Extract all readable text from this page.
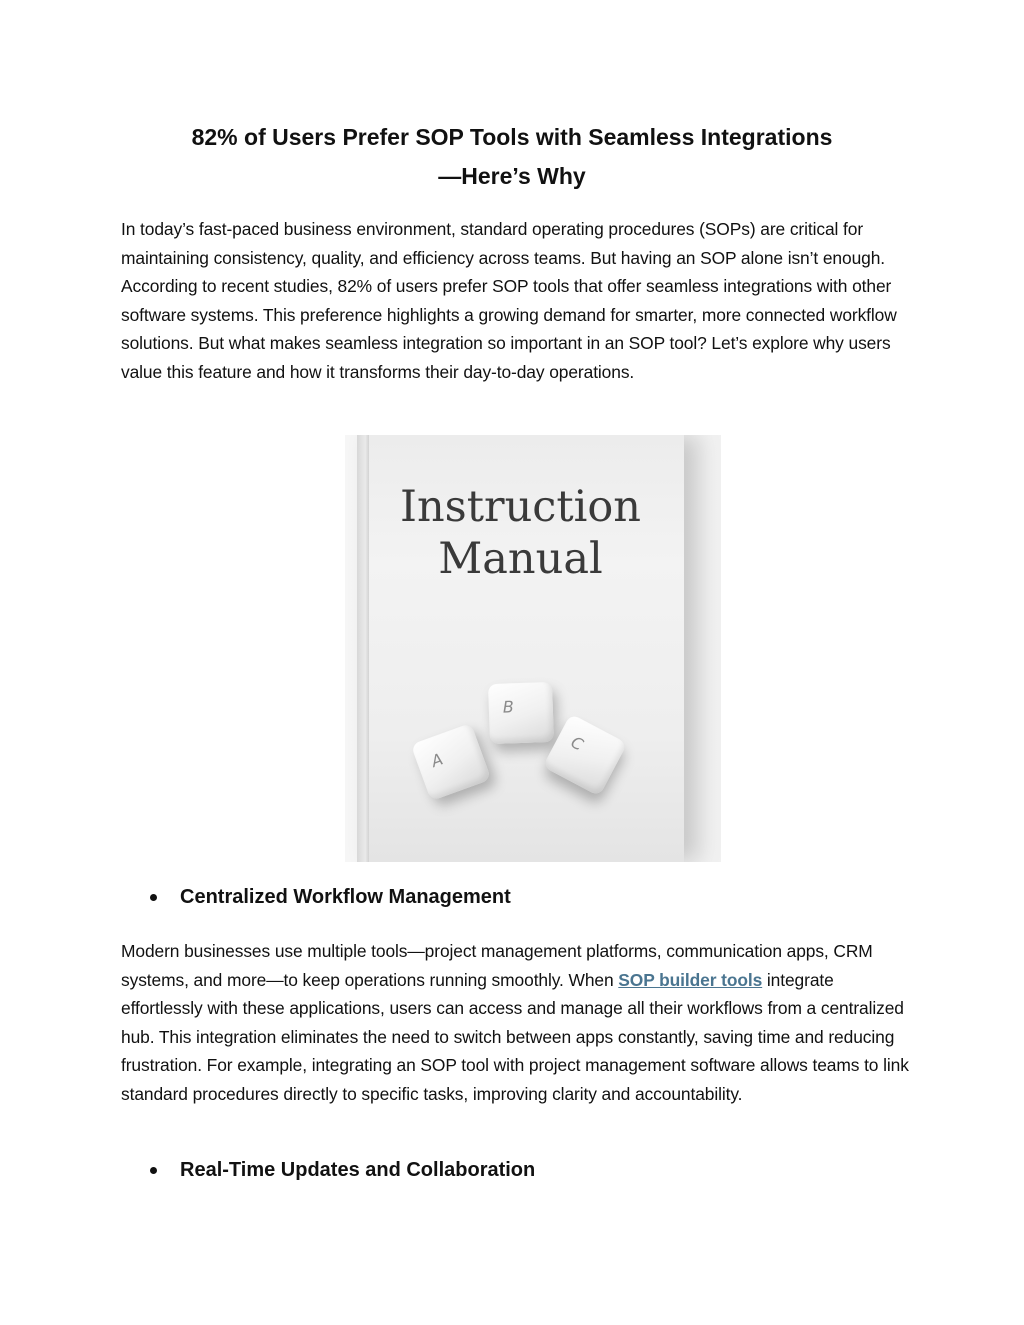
82% of Users Prefer SOP Tools with Seamless Integrations
—Here’s Why

In today’s fast-paced business environment, standard operating procedures (SOPs) are critical for maintaining consistency, quality, and efficiency across teams. But having an SOP alone isn’t enough. According to recent studies, 82% of users prefer SOP tools that offer seamless integrations with other software systems. This preference highlights a growing demand for smarter, more connected workflow solutions. But what makes seamless integration so important in an SOP tool? Let’s explore why users value this feature and how it transforms their day-to-day operations.

Instruction
Manual

A
B
C
Centralized Workflow Management

Modern businesses use multiple tools—project management platforms, communication apps, CRM systems, and more—to keep operations running smoothly. When SOP builder tools integrate effortlessly with these applications, users can access and manage all their workflows from a centralized hub. This integration eliminates the need to switch between apps constantly, saving time and reducing frustration. For example, integrating an SOP tool with project management software allows teams to link standard procedures directly to specific tasks, improving clarity and accountability.

Real-Time Updates and Collaboration
